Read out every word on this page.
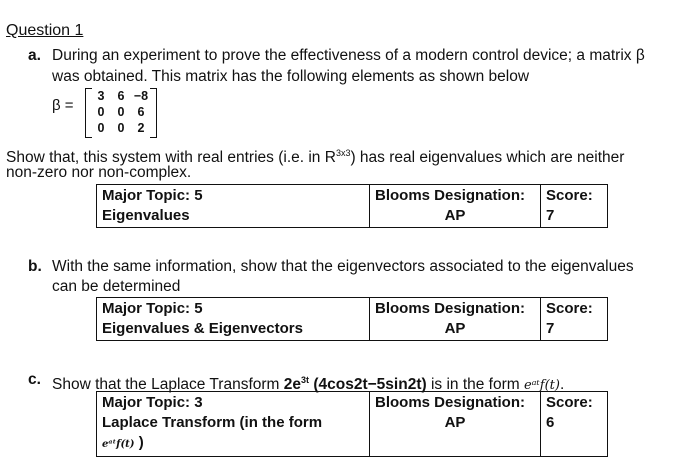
Question 1
a. During an experiment to prove the effectiveness of a modern control device; a matrix β
was obtained. This matrix has the following elements as shown below
β =
3	6	−8
0	0	6
0	0	2
Show that, this system with real entries (i.e. in $R^{3x3}$) has real eigenvalues which are neither
non-zero nor non-complex.
Major Topic: 5
Eigenvalues

Blooms Designation:
AP

Score: 7
b. With the same information, show that the eigenvectors associated to the eigenvalues
can be determined
Major Topic: 5
Eigenvalues & Eigenvectors

Blooms Designation:
AP

Score: 7
c. Show that the Laplace Transform $2e^{3t}$ (4cos2t−5sin2t) is in the form eᵃᵗf(t).
Major Topic: 3
Laplace Transform (in the form
eᵃᵗf(t) )

Blooms Designation:
AP

Score: 6
